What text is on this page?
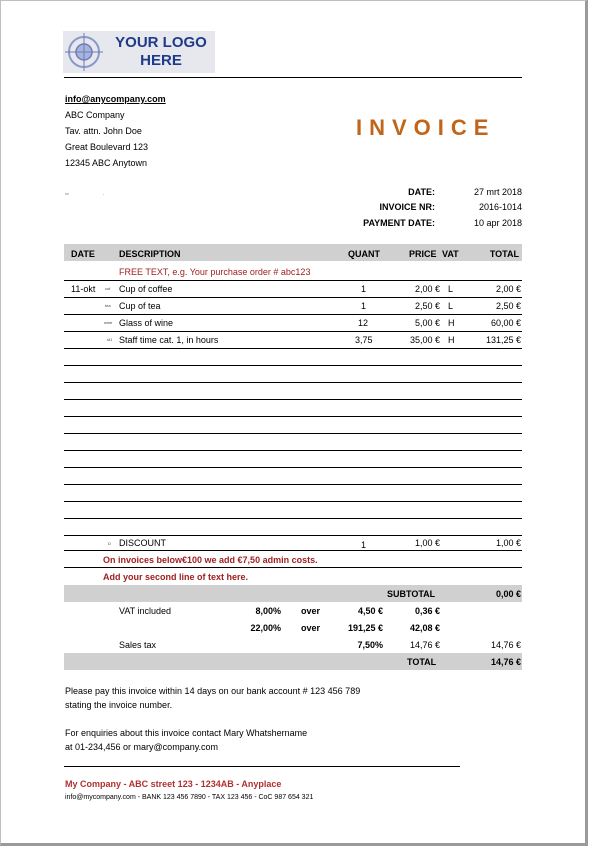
YOUR LOGO
HERE
info@anycompany.com
ABC Company
Tav. attn. John Doe
Great Boulevard 123
12345 ABC Anytown
INVOICE
▭	-	DATE:	27 mrt 2018
INVOICE NR:	2016-1014
PAYMENT DATE:	10 apr 2018
DATE	DESCRIPTION	QUANT	PRICE VAT	TOTAL
FREE TEXT, e.g. Your purchase order # abc123
11-okt cof Cup of coffee	1	2,00 € L	2,00 €
tea Cup of tea	1	2,50 € L	2,50 €
wine Glass of wine	12	5,00 € H	60,00 €
st1 Staff time cat. 1, in hours	3,75	35,00 € H	131,25 €
D DISCOUNT	1	1,00 €	1,00 €
On invoices below€100 we add €7,50 admin costs.
Add your second line of text here.
SUBTOTAL	0,00 €
VAT included	8,00% over	4,50 €	0,36 €
22,00% over	191,25 €	42,08 €
Sales tax	7,50%	14,76 €	14,76 €
TOTAL	14,76 €
Please pay this invoice within 14 days on our bank account # 123 456 789
stating the invoice number.
For enquiries about this invoice contact Mary Whatshername
at 01-234,456 or mary@company.com
My Company - ABC street 123 - 1234AB - Anyplace
info@mycompany.com - BANK 123 456 7890 - TAX 123 456 - CoC 987 654 321
